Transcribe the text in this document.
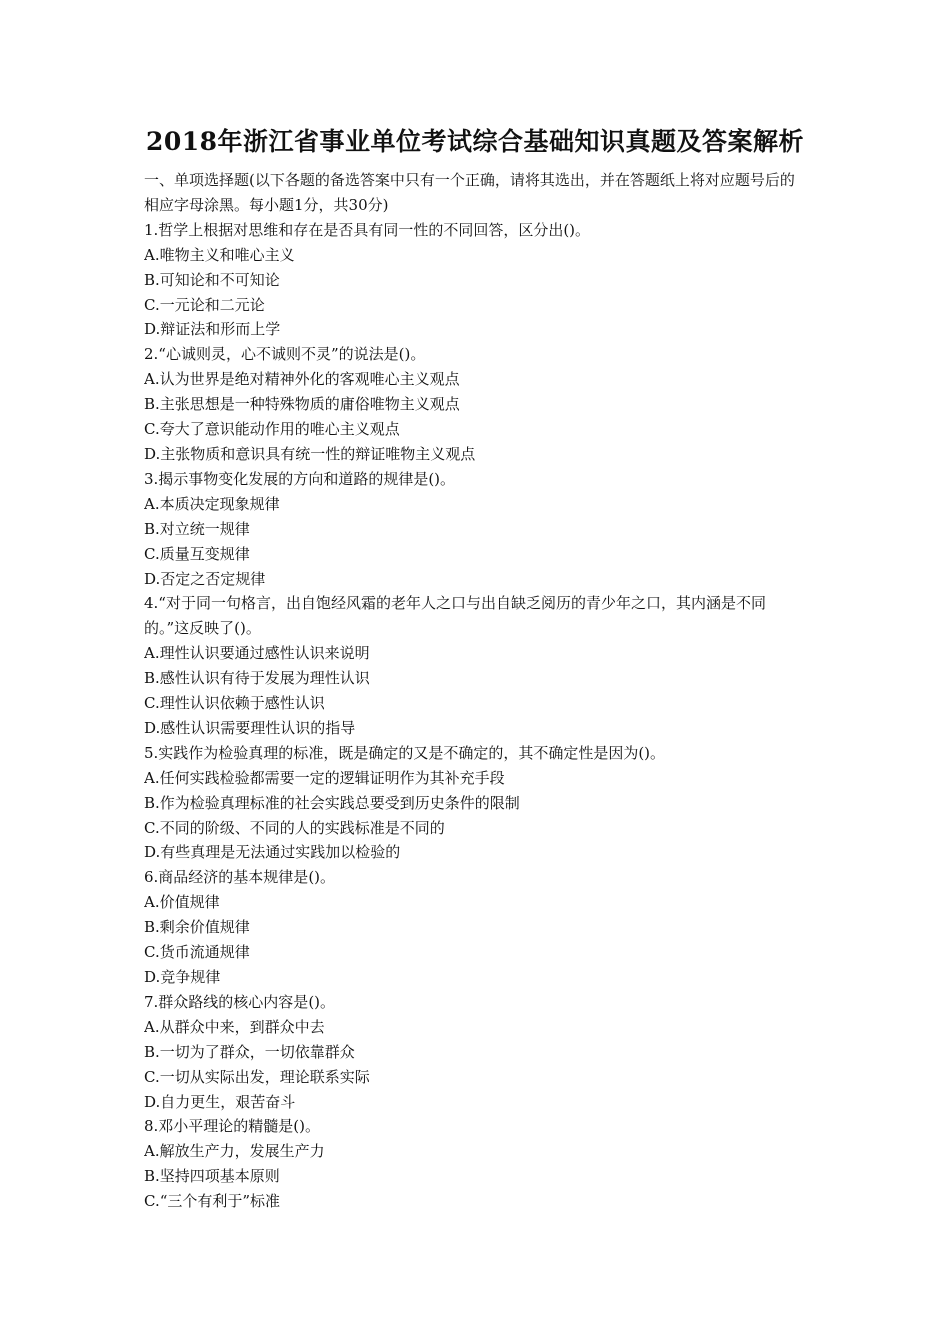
2018年浙江省事业单位考试综合基础知识真题及答案解析
一、单项选择题(以下各题的备选答案中只有一个正确，请将其选出，并在答题纸上将对应题号后的相应字母涂黑。每小题1分，共30分)
1.哲学上根据对思维和存在是否具有同一性的不同回答，区分出()。
A.唯物主义和唯心主义
B.可知论和不可知论
C.一元论和二元论
D.辩证法和形而上学
2.“心诚则灵，心不诚则不灵”的说法是()。
A.认为世界是绝对精神外化的客观唯心主义观点
B.主张思想是一种特殊物质的庸俗唯物主义观点
C.夸大了意识能动作用的唯心主义观点
D.主张物质和意识具有统一性的辩证唯物主义观点
3.揭示事物变化发展的方向和道路的规律是()。
A.本质决定现象规律
B.对立统一规律
C.质量互变规律
D.否定之否定规律
4.“对于同一句格言，出自饱经风霜的老年人之口与出自缺乏阅历的青少年之口，其内涵是不同的。”这反映了()。
A.理性认识要通过感性认识来说明
B.感性认识有待于发展为理性认识
C.理性认识依赖于感性认识
D.感性认识需要理性认识的指导
5.实践作为检验真理的标准，既是确定的又是不确定的，其不确定性是因为()。
A.任何实践检验都需要一定的逻辑证明作为其补充手段
B.作为检验真理标准的社会实践总要受到历史条件的限制
C.不同的阶级、不同的人的实践标准是不同的
D.有些真理是无法通过实践加以检验的
6.商品经济的基本规律是()。
A.价值规律
B.剩余价值规律
C.货币流通规律
D.竞争规律
7.群众路线的核心内容是()。
A.从群众中来，到群众中去
B.一切为了群众，一切依靠群众
C.一切从实际出发，理论联系实际
D.自力更生，艰苦奋斗
8.邓小平理论的精髓是()。
A.解放生产力，发展生产力
B.坚持四项基本原则
C.“三个有利于”标准
